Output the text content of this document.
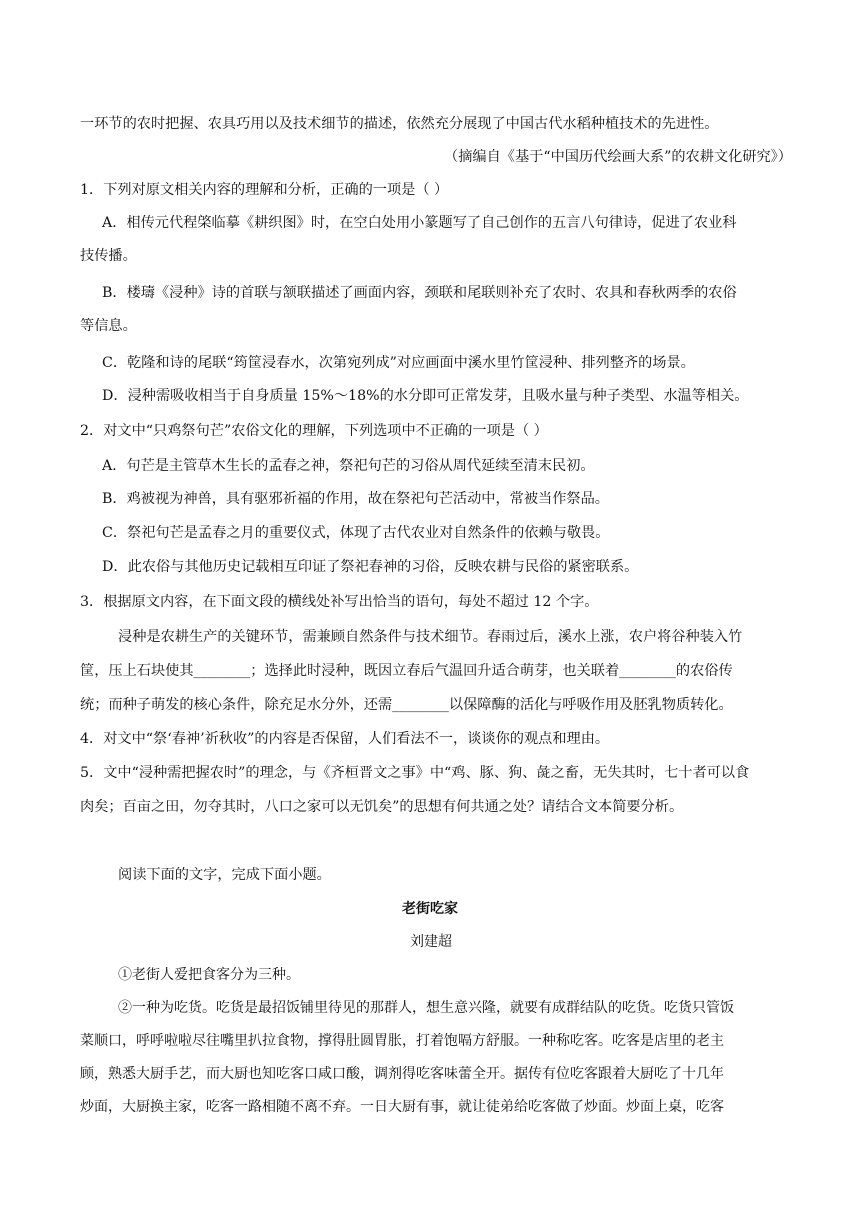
一环节的农时把握、农具巧用以及技术细节的描述，依然充分展现了中国古代水稻种植技术的先进性。
（摘编自《基于“中国历代绘画大系”的农耕文化研究》）
1．下列对原文相关内容的理解和分析，正确的一项是（ ）
A．相传元代程棨临摹《耕织图》时，在空白处用小篆题写了自己创作的五言八句律诗，促进了农业科
技传播。
B．楼璹《浸种》诗的首联与颔联描述了画面内容，颈联和尾联则补充了农时、农具和春秋两季的农俗
等信息。
C．乾隆和诗的尾联“筠筐浸春水，次第宛列成”对应画面中溪水里竹筐浸种、排列整齐的场景。
D．浸种需吸收相当于自身质量 15%～18%的水分即可正常发芽，且吸水量与种子类型、水温等相关。
2．对文中“只鸡祭句芒”农俗文化的理解，下列选项中不正确的一项是（ ）
A．句芒是主管草木生长的孟春之神，祭祀句芒的习俗从周代延续至清末民初。
B．鸡被视为神兽，具有驱邪祈福的作用，故在祭祀句芒活动中，常被当作祭品。
C．祭祀句芒是孟春之月的重要仪式，体现了古代农业对自然条件的依赖与敬畏。
D．此农俗与其他历史记载相互印证了祭祀春神的习俗，反映农耕与民俗的紧密联系。
3．根据原文内容，在下面文段的横线处补写出恰当的语句，每处不超过 12 个字。
浸种是农耕生产的关键环节，需兼顾自然条件与技术细节。春雨过后，溪水上涨，农户将谷种装入竹
筐，压上石块使其________；选择此时浸种，既因立春后气温回升适合萌芽，也关联着________的农俗传
统；而种子萌发的核心条件，除充足水分外，还需________以保障酶的活化与呼吸作用及胚乳物质转化。
4．对文中“祭‘春神’祈秋收”的内容是否保留，人们看法不一，谈谈你的观点和理由。
5．文中“浸种需把握农时”的理念，与《齐桓晋文之事》中“鸡、豚、狗、彘之畜，无失其时，七十者可以食
肉矣；百亩之田，勿夺其时，八口之家可以无饥矣”的思想有何共通之处？请结合文本简要分析。
阅读下面的文字，完成下面小题。
老街吃家
刘建超
①老街人爱把食客分为三种。
②一种为吃货。吃货是最招饭铺里待见的那群人，想生意兴隆，就要有成群结队的吃货。吃货只管饭
菜顺口，呼呼啦啦尽往嘴里扒拉食物，撑得肚圆胃胀，打着饱嗝方舒服。一种称吃客。吃客是店里的老主
顾，熟悉大厨手艺，而大厨也知吃客口咸口酸，调剂得吃客味蕾全开。据传有位吃客跟着大厨吃了十几年
炒面，大厨换主家，吃客一路相随不离不弃。一日大厨有事，就让徒弟给吃客做了炒面。炒面上桌，吃客
